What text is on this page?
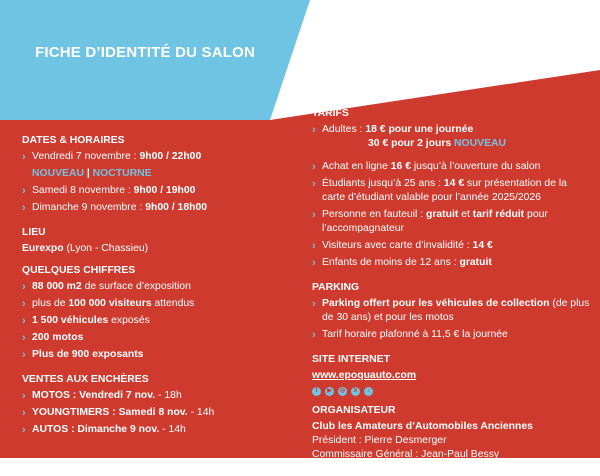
FICHE D’IDENTITÉ DU SALON
DATES & HORAIRES
› Vendredi 7 novembre : 9h00 / 22h00
NOUVEAU | NOCTURNE
› Samedi 8 novembre : 9h00 / 19h00
› Dimanche 9 novembre : 9h00 / 18h00
LIEU
Eurexpo (Lyon - Chassieu)
QUELQUES CHIFFRES
› 88 000 m2 de surface d’exposition
› plus de 100 000 visiteurs attendus
› 1 500 véhicules exposés
› 200 motos
› Plus de 900 exposants
VENTES AUX ENCHÈRES
› MOTOS : Vendredi 7 nov. - 18h
› YOUNGTIMERS : Samedi 8 nov. - 14h
› AUTOS : Dimanche 9 nov. - 14h
TARIFS
› Adultes : 18 € pour une journée
30 € pour 2 jours NOUVEAU
› Achat en ligne 16 € jusqu’à l’ouverture du salon
› Étudiants jusqu’à 25 ans : 14 € sur présentation de la carte d’étudiant valable pour l’année 2025/2026
› Personne en fauteuil : gratuit et tarif réduit pour l’accompagnateur
› Visiteurs avec carte d’invalidité : 14 €
› Enfants de moins de 12 ans : gratuit
PARKING
› Parking offert pour les véhicules de collection (de plus de 30 ans) et pour les motos
› Tarif horaire plafonné à 11,5 € la journée
SITE INTERNET
www.epoquauto.com
f	▶	◎	X	♪
ORGANISATEUR
Club les Amateurs d’Automobiles Anciennes
Président : Pierre Desmerger
Commissaire Général : Jean-Paul Bessy
Site internet : www.les3a.com
